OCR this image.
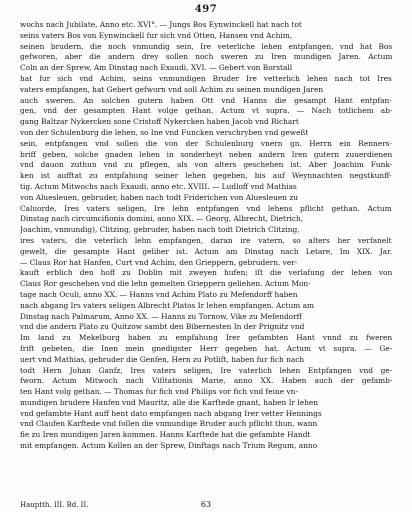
497
wochs nach Jubilate, Anno etc. XVI°. — Jungs Bos Eynwinckell hat nach tot
seins vaters Bos von Eynwinckell fur sich vnd Otten, Hansen vnd Achim,
seinen brudern, die noch vnmundig sein, Ire veterliche lehen entpfangen, vnd hat Bos
gefworen, aber die andern drey sollen noch sweren zu Iren mundigen Jaren. Actum
Coln an der Sprew, Am Dinstag nach Exaudi, XVI. — Gebert von Borstall
hat fur sich vnd Achim, seins vnmundigen Bruder Ire vetterlich lehen nach tot Ires
vaters empfangen, hat Gebert gefworn vnd soll Achim zu seinen mundigen Jaren
auch sweren. An solchen gutern haben Ott vnd Hanns die gesampt Hant entpfan-
gen, vnd der gesampten Hant volge gethan. Actum vt supra. — Nach totlichem ab-
gang Baltzar Nykercken sone Cristoff Nykercken haben Jacob vnd Richart
von der Schulenburg die lehen, so Ine vnd Funcken verschryben vnd geweßt
sein, entpfangen vnd sollen die von der Schulenburg vnern gn. Herrn ein Renners-
briff geben, solche gnaden lehen in sonderheyt neben andern Iren gutern zuuerdienen
vnd dauon zuthun vnd zu pflegen, als von alters geschehen ist. Aber Joachim Funk-
ken ist aufftat zu entpfahung seiner lehen gegeben, bis auf Weynnachten negstkunff-
tig. Actum Mitwochs nach Exaudi, anno etc. XVIII. — Ludloff vnd Mathias
von Aluesleuen, gebruder, haben nach todt Friderichen von Aluesleuen zu
Caluorde, Ires vaters seligen, Ire lehn entpfangen vnd lehens pflicht gethan. Actum
Dinstag nach circumcifionis domini, anno XIX. — Georg, Albrecht, Dietrich,
Joachim, vnmundig), Clitzing, gebruder, haben nach todt Dietrich Clitzing,
ires vaters, die veterlich lehn empfangen, daran ire vatern, so alters her verfanelt
gewelt, die gesampte Hant geliher ist. Actum am Dinstag nach Letare, Im XIX. Jar.
— Claus Ror hat Hanfen, Curt vnd Achim, den Grieppern, gebrudern, ver-
kauft erblich den hoff zu Doblin mit zweyen hufen; iſt die verlafung der lehen von
Claus Ror geschehen vnd die lehn gemelten Grieppern geliehen. Actum Mon-
tage nach Oculi, anno XX. — Hanns vnd Achim Plato zu Mefendorff haben
nach abgang Irs vaters seligen Albrecht Platos Ir lehen empfangen. Actum am
Dinstag nach Palmarum, Anno XX. — Hanns zu Tornow, Vike zu Mefendorff
vnd die andern Plato zu Quitzow sambt den Bibernesten In der Prignitz vnd
Im land zu Mekelburg haben zu empfahung Irer gefambten Hant vnnd zu fweren
frift gebeten, die Inen mein gnedigster Herr gegeben hat. Actum vt supra. — Ge-
uert vnd Mathias, gebruder die Genfen, Hern zu Potlift, haben fur fich nach
todt Hern Johan Ganfz, Ires vaters seligen, Ire vaterlich lehen Entpfangen vnd ge-
fworn. Actum Mitwoch nach Viſitationis Marie, anno XX. Haben auch der gefamb-
ten Hant volg gethan. — Thomas fur fich vnd Philips vor fich vnd feine vn-
mundigen brudere Hanfen vnd Mauritz, alle die Karftede gnant, haben Ir lehen
vnd gefambte Hant auff hent dato empfangen nach abgang Irer vetter Hennings
vnd Claufen Karftede vnd follen die vnmundige Bruder auch pflicht thun, wann
fie zu Iren mundigen Jaren kommen. Hanns Karftede hat die gefambte Handt
mit empfangen. Actum Kollen an der Sprew, Dinftags nach Trium Regum, anno
Hauptth. III. Bd. II.	63
